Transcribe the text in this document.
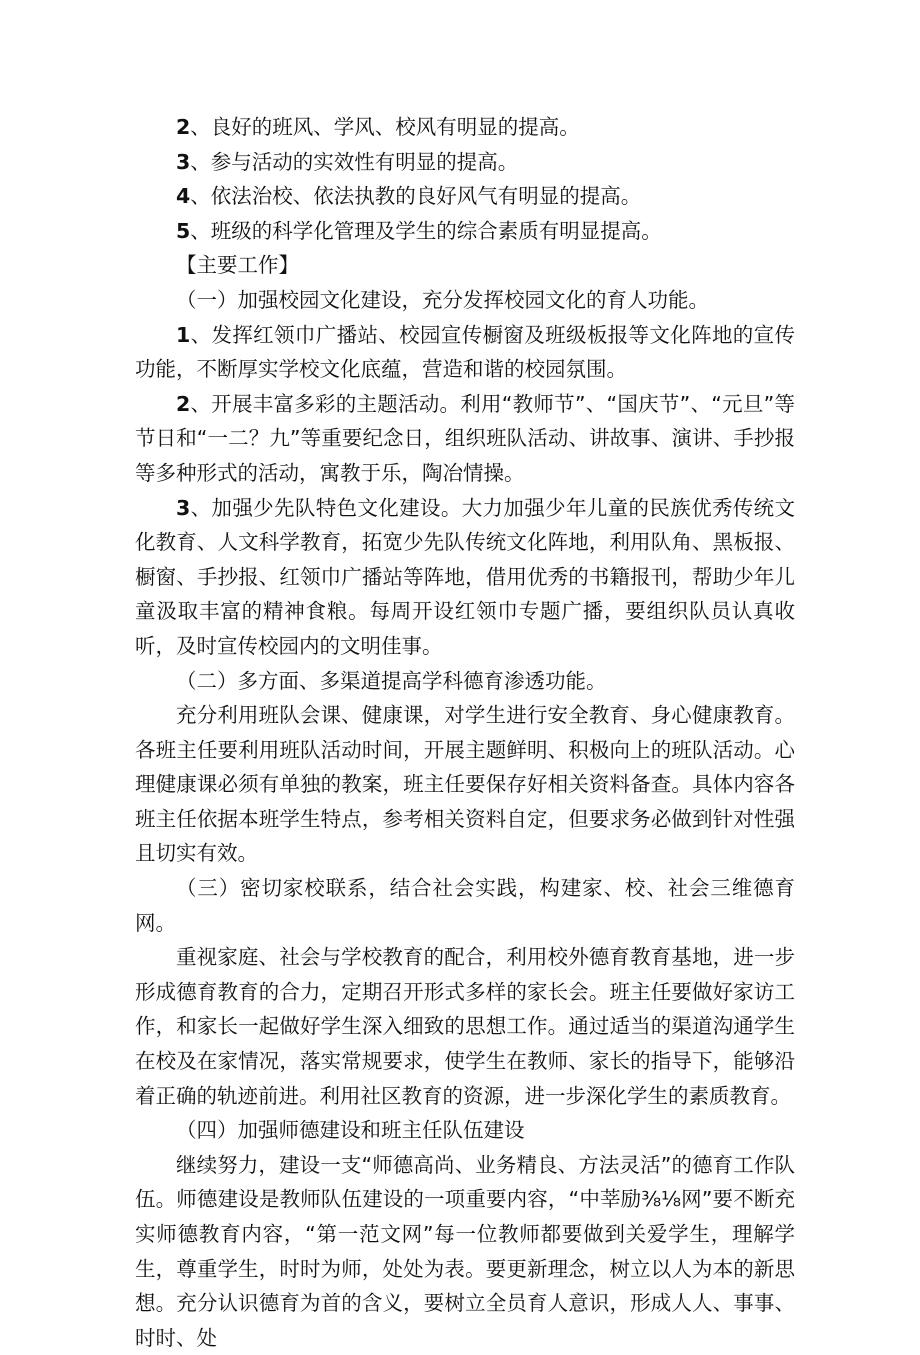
2、良好的班风、学风、校风有明显的提高。

3、参与活动的实效性有明显的提高。

4、依法治校、依法执教的良好风气有明显的提高。

5、班级的科学化管理及学生的综合素质有明显提高。

【主要工作】

（一）加强校园文化建设，充分发挥校园文化的育人功能。

1、发挥红领巾广播站、校园宣传橱窗及班级板报等文化阵地的宣传功能，不断厚实学校文化底蕴，营造和谐的校园氛围。

2、开展丰富多彩的主题活动。利用“教师节”、“国庆节”、“元旦”等节日和“一二？九”等重要纪念日，组织班队活动、讲故事、演讲、手抄报等多种形式的活动，寓教于乐，陶冶情操。

3、加强少先队特色文化建设。大力加强少年儿童的民族优秀传统文化教育、人文科学教育，拓宽少先队传统文化阵地，利用队角、黑板报、橱窗、手抄报、红领巾广播站等阵地，借用优秀的书籍报刊，帮助少年儿童汲取丰富的精神食粮。每周开设红领巾专题广播，要组织队员认真收听，及时宣传校园内的文明佳事。

（二）多方面、多渠道提高学科德育渗透功能。

充分利用班队会课、健康课，对学生进行安全教育、身心健康教育。各班主任要利用班队活动时间，开展主题鲜明、积极向上的班队活动。心理健康课必须有单独的教案，班主任要保存好相关资料备查。具体内容各班主任依据本班学生特点，参考相关资料自定，但要求务必做到针对性强且切实有效。

（三）密切家校联系，结合社会实践，构建家、校、社会三维德育网。

重视家庭、社会与学校教育的配合，利用校外德育教育基地，进一步形成德育教育的合力，定期召开形式多样的家长会。班主任要做好家访工作，和家长一起做好学生深入细致的思想工作。通过适当的渠道沟通学生在校及在家情况，落实常规要求，使学生在教师、家长的指导下，能够沿着正确的轨迹前进。利用社区教育的资源，进一步深化学生的素质教育。

（四）加强师德建设和班主任队伍建设

继续努力，建设一支“师德高尚、业务精良、方法灵活”的德育工作队伍。师德建设是教师队伍建设的一项重要内容，“中莘励⅜⅛网”要不断充实师德教育内容，“第一范文网”每一位教师都要做到关爱学生，理解学生，尊重学生，时时为师，处处为表。要更新理念，树立以人为本的新思想。充分认识德育为首的含义，要树立全员育人意识，形成人人、事事、时时、处
